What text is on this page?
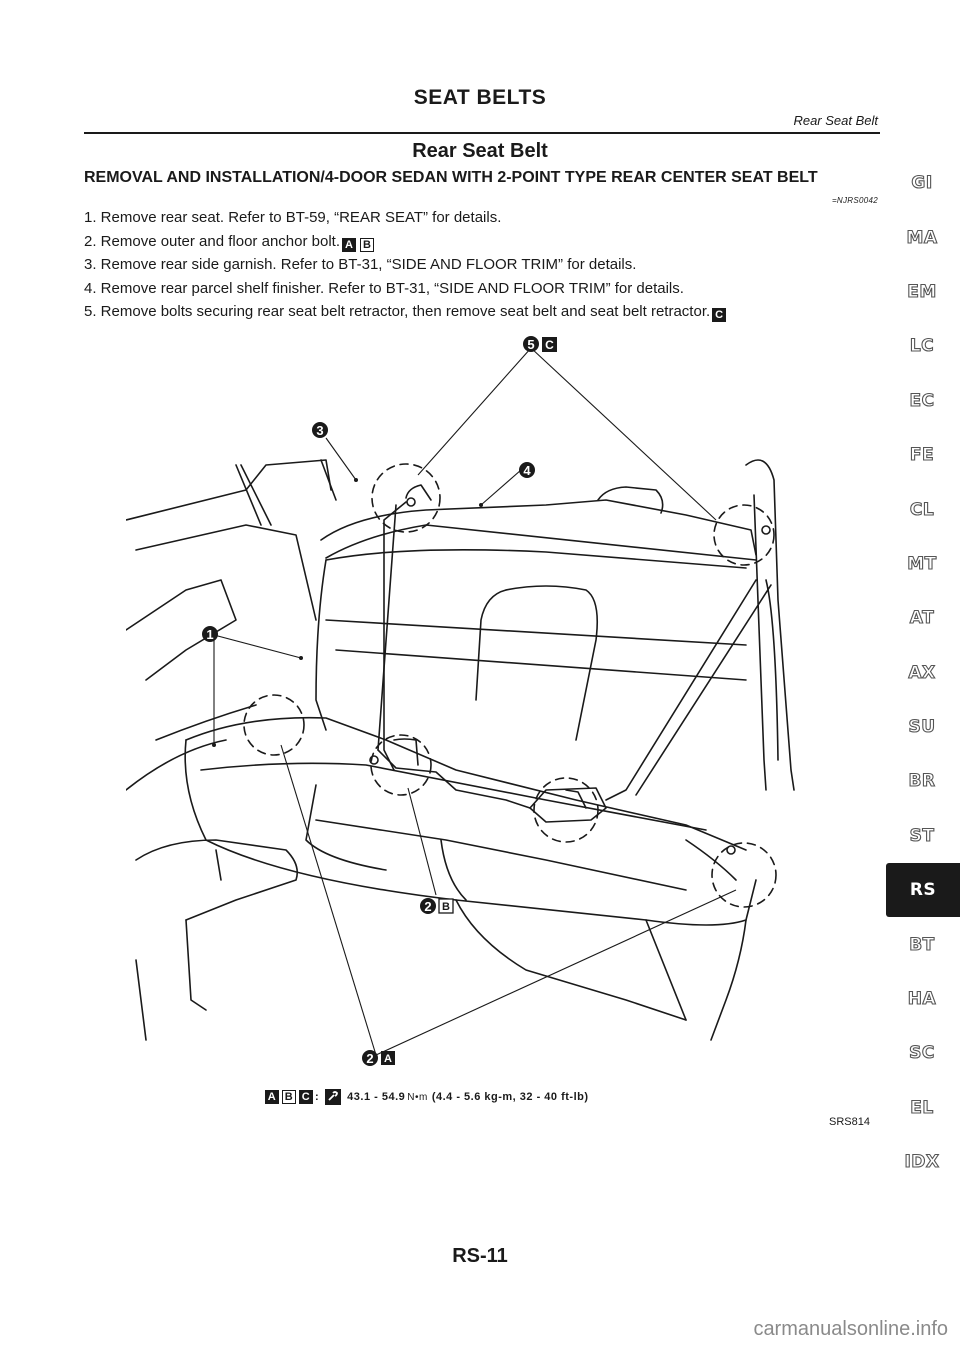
SEAT BELTS
Rear Seat Belt
Rear Seat Belt
REMOVAL AND INSTALLATION/4-DOOR SEDAN WITH 2-POINT TYPE REAR CENTER SEAT BELT
=NJRS0042
1. Remove rear seat. Refer to BT-59, “REAR SEAT” for details.
2. Remove outer and floor anchor bolt. A B
3. Remove rear side garnish. Refer to BT-31, “SIDE AND FLOOR TRIM” for details.
4. Remove rear parcel shelf finisher. Refer to BT-31, “SIDE AND FLOOR TRIM” for details.
5. Remove bolts securing rear seat belt retractor, then remove seat belt and seat belt retractor. C
5 C
3
4
1
2 B
2 A
A B C :	43.1 - 54.9 N•m (4.4 - 5.6 kg-m, 32 - 40 ft-lb)
SRS814
RS-11
GI
MA
EM
LC
EC
FE
CL
MT
AT
AX
SU
BR
ST
RS
BT
HA
SC
EL
IDX
carmanualsonline.info
